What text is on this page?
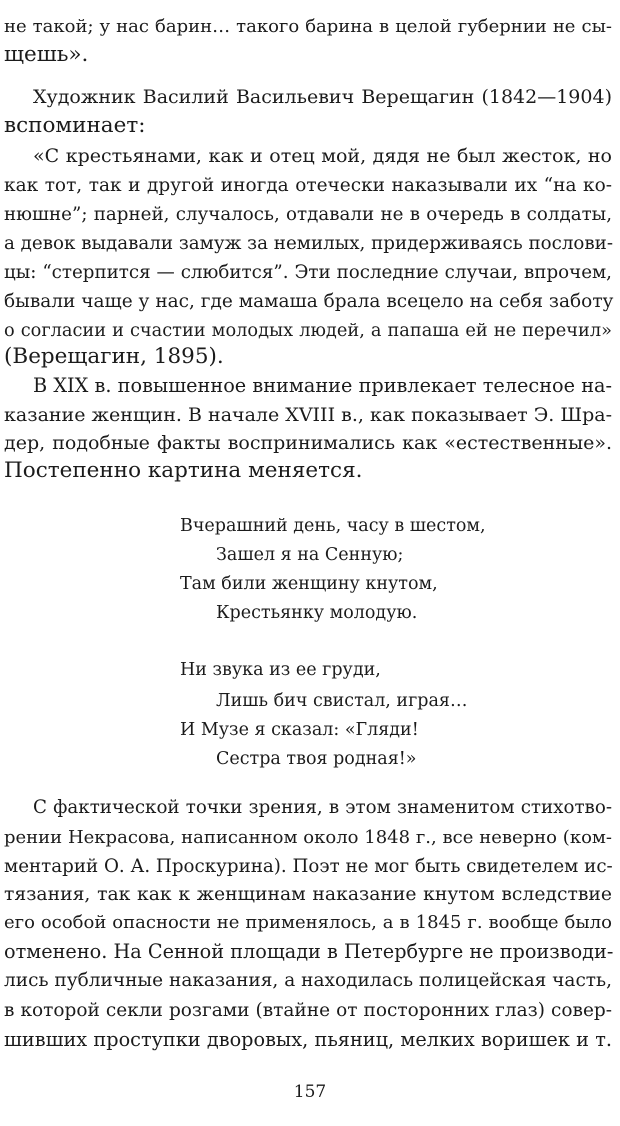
не такой; у нас барин… такого барина в целой губернии не сы-
щешь».
Художник Василий Васильевич Верещагин (1842—1904)
вспоминает:
«С крестьянами, как и отец мой, дядя не был жесток, но
как тот, так и другой иногда отечески наказывали их “на ко-
нюшне”; парней, случалось, отдавали не в очередь в солдаты,
а девок выдавали замуж за немилых, придерживаясь послови-
цы: “стерпится — слюбится”. Эти последние случаи, впрочем,
бывали чаще у нас, где мамаша брала всецело на себя заботу
о согласии и счастии молодых людей, а папаша ей не перечил»
(Верещагин, 1895).
В XIX в. повышенное внимание привлекает телесное на-
казание женщин. В начале XVIII в., как показывает Э. Шра-
дер, подобные факты воспринимались как «естественные».
Постепенно картина меняется.
Вчерашний день, часу в шестом,
Зашел я на Сенную;
Там били женщину кнутом,
Крестьянку молодую.
Ни звука из ее груди,
Лишь бич свистал, играя…
И Музе я сказал: «Гляди!
Сестра твоя родная!»
С фактической точки зрения, в этом знаменитом стихотво-
рении Некрасова, написанном около 1848 г., все неверно (ком-
ментарий О. А. Проскурина). Поэт не мог быть свидетелем ис-
тязания, так как к женщинам наказание кнутом вследствие
его особой опасности не применялось, а в 1845 г. вообще было
отменено. На Сенной площади в Петербурге не производи-
лись публичные наказания, а находилась полицейская часть,
в которой секли розгами (втайне от посторонних глаз) совер-
шивших проступки дворовых, пьяниц, мелких воришек и т.
157
